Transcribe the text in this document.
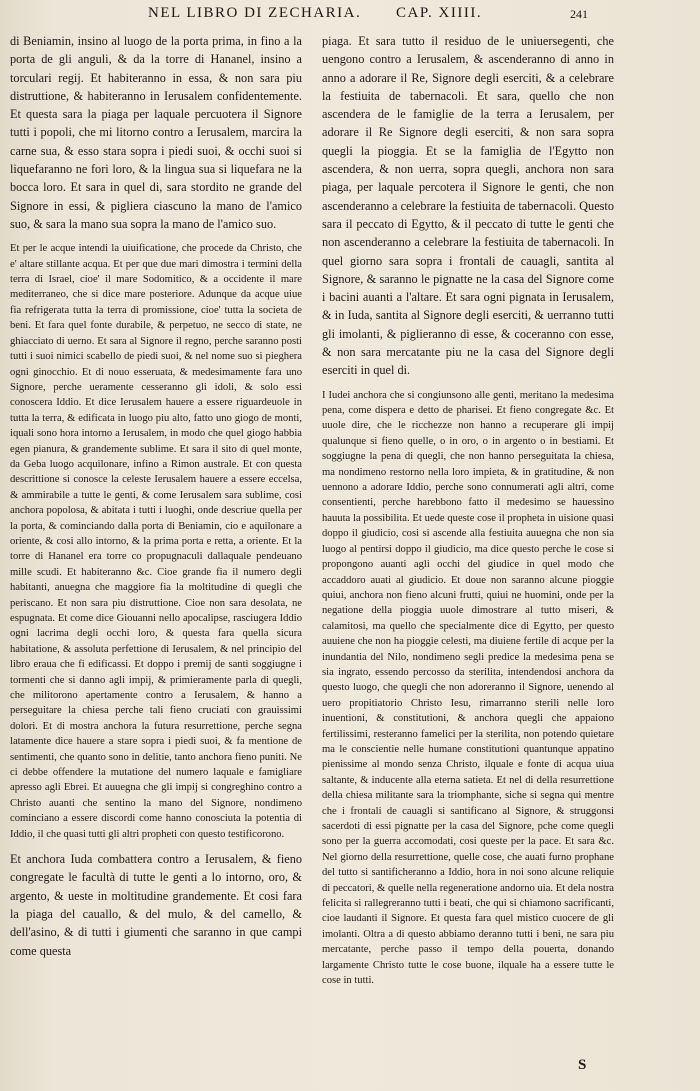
NEL LIBRO DI ZECHARIA. CAP. XIIII.	241

di Beniamin, insino al luogo de la porta prima, in fino a la porta de gli anguli, & da la torre di Hananel, insino a torculari regij. Et habiteranno in essa, & non sara piu distruttione, & habiteranno in Ierusalem confidentemente. Et questa sara la piaga per laquale percuotera il Signore tutti i popoli, che mi litorno contro a Ierusalem, marcira la carne sua, & esso stara sopra i piedi suoi, & occhi suoi si liquefaranno ne fori loro, & la lingua sua si liquefara ne la bocca loro. Et sara in quel di, sara stordito ne grande del Signore in essi, & pigliera ciascuno la mano de l'amico suo, & sara la mano sua sopra la mano de l'amico suo.

Et per le acque intendi la uiuificatione, che procede da Christo, che e' altare stillante acqua. Et per que due mari dimostra i termini della terra di Israel, cioe' il mare Sodomitico, & a occidente il mare mediterraneo, che si dice mare posteriore. Adunque da acque uiue fia refrigerata tutta la terra di promissione, cioe' tutta la societa de beni. Et fara quel fonte durabile, & perpetuo, ne secco di state, ne ghiacciato di uerno. Et sara al Signore il regno, perche saranno posti tutti i suoi nimici scabello de piedi suoi, & nel nome suo si pieghera ogni ginocchio. Et di nouo esseruata, & medesimamente fara uno Signore, perche ueramente cesseranno gli idoli, & solo essi conoscera Iddio. Et dice Ierusalem hauere a essere riguardeuole in tutta la terra, & edificata in luogo piu alto, fatto uno giogo de monti, iquali sono hora intorno a Ierusalem, in modo che quel giogo habbia egen pianura, & grandemente sublime. Et sara il sito di quel monte, da Geba luogo acquilonare, infino a Rimon australe. Et con questa descrittione si conosce la celeste Ierusalem hauere a essere eccelsa, & ammirabile a tutte le genti, & come Ierusalem sara sublime, cosi anchora popolosa, & abitata i tutti i luoghi, onde descriue quella per la porta, & cominciando dalla porta di Beniamin, cio e aquilonare a oriente, & cosi allo intorno, & la prima porta e retta, a oriente. Et la torre di Hananel era torre co propugnaculi dallaquale pendeuano mille scudi. Et habiteranno &c. Cioe grande fia il numero degli habitanti, anuegna che maggiore fia la moltitudine di quegli che periscano. Et non sara piu distruttione. Cioe non sara desolata, ne espugnata. Et come dice Giouanni nello apocalipse, rasciugera Iddio ogni lacrima degli occhi loro, & questa fara quella sicura habitatione, & assoluta perfettione di Ierusalem, & nel principio del libro eraua che fi edificassi. Et doppo i premij de santi soggiugne i tormenti che si danno agli impij, & primieramente parla di quegli, che militorono apertamente contro a Ierusalem, & hanno a perseguitare la chiesa perche tali fieno cruciati con grauissimi dolori. Et di mostra anchora la futura resurrettione, perche segna latamente dice hauere a stare sopra i piedi suoi, & fa mentione de sentimenti, che quanto sono in delitie, tanto anchora fieno puniti. Ne ci debbe offendere la mutatione del numero laquale e famigliare apresso agli Ebrei. Et auuegna che gli impij si congreghino contro a Christo auanti che sentino la mano del Signore, nondimeno cominciano a essere discordi come hanno conosciuta la potentia di Iddio, il che quasi tutti gli altri propheti con questo testificorono.

Et anchora Iuda combattera contro a Ierusalem, & fieno congregate le facultà di tutte le genti a lo intorno, oro, & argento, & ueste in moltitudine grandemente. Et cosi fara la piaga del cauallo, & del mulo, & del camello, & dell'asino, & di tutti i giumenti che saranno in que campi come questa

piaga. Et sara tutto il residuo de le uniuersegenti, che uengono contro a Ierusalem, & ascenderanno di anno in anno a adorare il Re, Signore degli eserciti, & a celebrare la festiuita de tabernacoli. Et sara, quello che non ascendera de le famiglie de la terra a Ierusalem, per adorare il Re Signore degli eserciti, & non sara sopra quegli la pioggia. Et se la famiglia de l'Egytto non ascendera, & non uerra, sopra quegli, anchora non sara piaga, per laquale percotera il Signore le genti, che non ascenderanno a celebrare la festiuita de tabernacoli. Questo sara il peccato di Egytto, & il peccato di tutte le genti che non ascenderanno a celebrare la festiuita de tabernacoli. In quel giorno sara sopra i frontali de cauagli, santita al Signore, & saranno le pignatte ne la casa del Signore come i bacini auanti a l'altare. Et sara ogni pignata in Ierusalem, & in Iuda, santita al Signore degli eserciti, & uerranno tutti gli imolanti, & piglieranno di esse, & coceranno con esse, & non sara mercatante piu ne la casa del Signore degli eserciti in quel di.

I Iudei anchora che si congiunsono alle genti, meritano la medesima pena, come dispera e detto de pharisei. Et fieno congregate &c. Et uuole dire, che le ricchezze non hanno a recuperare gli impij qualunque si fieno quelle, o in oro, o in argento o in bestiami. Et soggiugne la pena di quegli, che non hanno perseguitata la chiesa, ma nondimeno restorno nella loro impieta, & in gratitudine, & non uennono a adorare Iddio, perche sono connumerati agli altri, come consentienti, perche harebbono fatto il medesimo se hauessino hauuta la possibilita. Et uede queste cose il propheta in uisione quasi doppo il giudicio, cosi si ascende alla festiuita auuegna che non sia luogo al pentirsi doppo il giudicio, ma dice questo perche le cose si propongono auanti agli occhi del giudice in quel modo che accaddoro auati al giudicio. Et doue non saranno alcune pioggie quiui, anchora non fieno alcuni frutti, quiui ne huomini, onde per la negatione della pioggia uuole dimostrare al tutto miseri, & calamitosi, ma quello che specialmente dice di Egytto, per questo auuiene che non ha pioggie celesti, ma diuiene fertile di acque per la inundantia del Nilo, nondimeno segli predice la medesima pena se sia ingrato, essendo percosso da sterilita, intendendosi anchora da questo luogo, che quegli che non adoreranno il Signore, uenendo al uero propitiatorio Christo Iesu, rimarranno sterili nelle loro inuentioni, & constitutioni, & anchora quegli che appaiono fertilissimi, resteranno famelici per la sterilita, non potendo quietare ma le conscientie nelle humane constitutioni quantunque appatino pienissime al mondo senza Christo, ilquale e fonte di acqua uiua saltante, & inducente alla eterna satieta. Et nel di della resurrettione della chiesa militante sara la triomphante, siche si segna qui mentre che i frontali de cauagli si santificano al Signore, & struggonsi sacerdoti di essi pignatte per la casa del Signore, pche come quegli sono per la guerra accomodati, cosi queste per la pace. Et sara &c. Nel giorno della resurrettione, quelle cose, che auati furno prophane del tutto si santificheranno a Iddio, hora in noi sono alcune reliquie di peccatori, & quelle nella regeneratione andorno uia. Et dela nostra felicita si rallegreranno tutti i beati, che qui si chiamono sacrificanti, cioe laudanti il Signore. Et questa fara quel mistico cuocere de gli imolanti. Oltra a di questo abbiamo deranno tutti i beni, ne sara piu mercatante, perche passo il tempo della pouerta, donando largamente Christo tutte le cose buone, ilquale ha a essere tutte le cose in tutti.

S
